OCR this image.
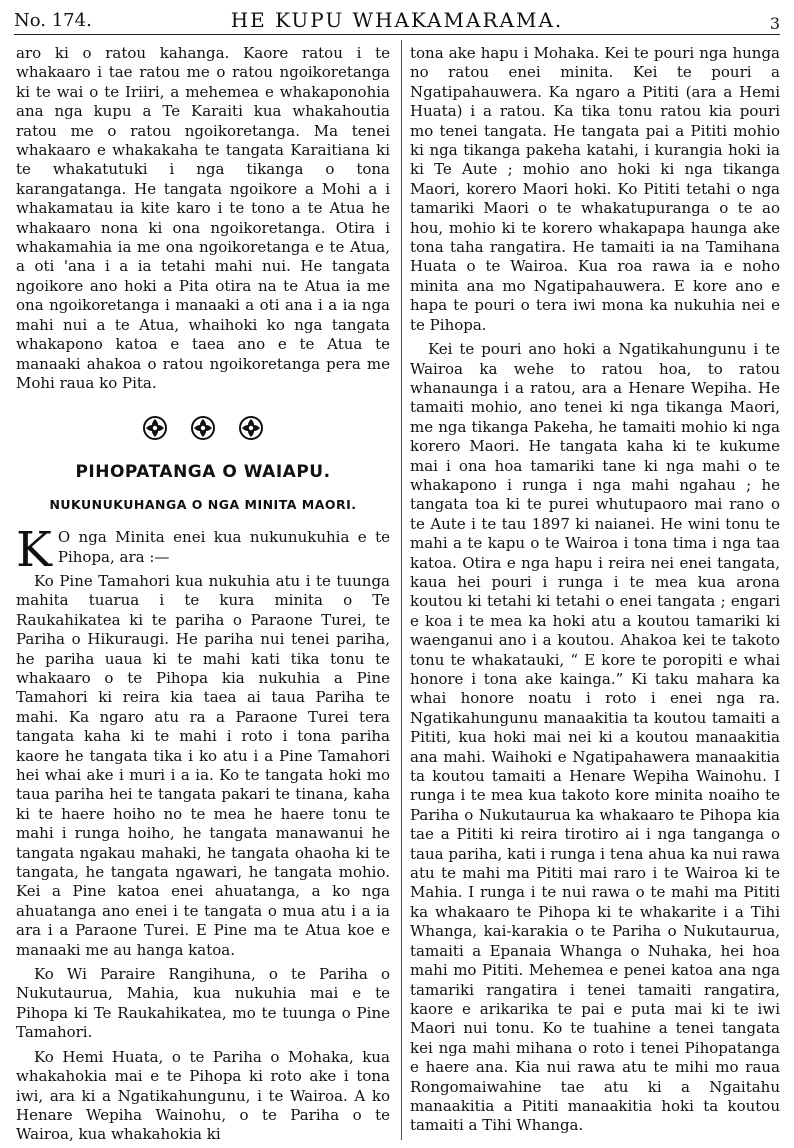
No. 174.	HE KUPU WHAKAMARAMA.	3

aro ki o ratou kahanga. Kaore ratou i te whakaaro i tae ratou me o ratou ngoikoretanga ki te wai o te Iriiri, a mehemea e whakaponohia ana nga kupu a Te Karaiti kua whakahoutia ratou me o ratou ngoikoretanga. Ma tenei whakaaro e whakakaha te tangata Karaitiana ki te whakatutuki i nga tikanga o tona karangatanga. He tangata ngoikore a Mohi a i whakamatau ia kite karo i te tono a te Atua he whakaaro nona ki ona ngoikoretanga. Otira i whakamahia ia me ona ngoikoretanga e te Atua, a oti 'ana i a ia tetahi mahi nui. He tangata ngoikore ano hoki a Pita otira na te Atua ia me ona ngoikoretanga i manaaki a oti ana i a ia nga mahi nui a te Atua, whaihoki ko nga tangata whakapono katoa e taea ano e te Atua te manaaki ahakoa o ratou ngoikoretanga pera me Mohi raua ko Pita.

PIHOPATANGA O WAIAPU.
NUKUNUKUHANGA O NGA MINITA MAORI.

K O nga Minita enei kua nukunukuhia e te Pihopa, ara :—

Ko Pine Tamahori kua nukuhia atu i te tuunga mahita tuarua i te kura minita o Te Raukahikatea ki te pariha o Paraone Turei, te Pariha o Hikuraugi. He pariha nui tenei pariha, he pariha uaua ki te mahi kati tika tonu te whakaaro o te Pihopa kia nukuhia a Pine Tamahori ki reira kia taea ai taua Pariha te mahi. Ka ngaro atu ra a Paraone Turei tera tangata kaha ki te mahi i roto i tona pariha kaore he tangata tika i ko atu i a Pine Tamahori hei whai ake i muri i a ia. Ko te tangata hoki mo taua pariha hei te tangata pakari te tinana, kaha ki te haere hoiho no te mea he haere tonu te mahi i runga hoiho, he tangata manawanui he tangata ngakau mahaki, he tangata ohaoha ki te tangata, he tangata ngawari, he tangata mohio. Kei a Pine katoa enei ahuatanga, a ko nga ahuatanga ano enei i te tangata o mua atu i a ia ara i a Paraone Turei. E Pine ma te Atua koe e manaaki me au hanga katoa.

Ko Wi Paraire Rangihuna, o te Pariha o Nukutaurua, Mahia, kua nukuhia mai e te Pihopa ki Te Raukahikatea, mo te tuunga o Pine Tamahori.

Ko Hemi Huata, o te Pariha o Mohaka, kua whakahokia mai e te Pihopa ki roto ake i tona iwi, ara ki a Ngatikahungunu, i te Wairoa. A ko Henare Wepiha Wainohu, o te Pariha o te Wairoa, kua whakahokia ki

tona ake hapu i Mohaka. Kei te pouri nga hunga no ratou enei minita. Kei te pouri a Ngatipahauwera. Ka ngaro a Pititi (ara a Hemi Huata) i a ratou. Ka tika tonu ratou kia pouri mo tenei tangata. He tangata pai a Pititi mohio ki nga tikanga pakeha katahi, i kurangia hoki ia ki Te Aute ; mohio ano hoki ki nga tikanga Maori, korero Maori hoki. Ko Pititi tetahi o nga tamariki Maori o te whakatupuranga o te ao hou, mohio ki te korero whakapapa haunga ake tona taha rangatira. He tamaiti ia na Tamihana Huata o te Wairoa. Kua roa rawa ia e noho minita ana mo Ngatipahauwera. E kore ano e hapa te pouri o tera iwi mona ka nukuhia nei e te Pihopa.

Kei te pouri ano hoki a Ngatikahungunu i te Wairoa ka wehe to ratou hoa, to ratou whanaunga i a ratou, ara a Henare Wepiha. He tamaiti mohio, ano tenei ki nga tikanga Maori, me nga tikanga Pakeha, he tamaiti mohio ki nga korero Maori. He tangata kaha ki te kukume mai i ona hoa tamariki tane ki nga mahi o te whakapono i runga i nga mahi ngahau ; he tangata toa ki te purei whutupaoro mai rano o te Aute i te tau 1897 ki naianei. He wini tonu te mahi a te kapu o te Wairoa i tona tima i nga taa katoa. Otira e nga hapu i reira nei enei tangata, kaua hei pouri i runga i te mea kua arona koutou ki tetahi ki tetahi o enei tangata ; engari e koa i te mea ka hoki atu a koutou tamariki ki waenganui ano i a koutou. Ahakoa kei te takoto tonu te whakatauki, “ E kore te poropiti e whai honore i tona ake kainga.” Ki taku mahara ka whai honore noatu i roto i enei nga ra. Ngatikahungunu manaakitia ta koutou tamaiti a Pititi, kua hoki mai nei ki a koutou manaakitia ana mahi. Waihoki e Ngatipahawera manaakitia ta koutou tamaiti a Henare Wepiha Wainohu. I runga i te mea kua takoto kore minita noaiho te Pariha o Nukutaurua ka whakaaro te Pihopa kia tae a Pititi ki reira tirotiro ai i nga tanganga o taua pariha, kati i runga i tena ahua ka nui rawa atu te mahi ma Pititi mai raro i te Wairoa ki te Mahia. I runga i te nui rawa o te mahi ma Pititi ka whakaaro te Pihopa ki te whakarite i a Tihi Whanga, kai-karakia o te Pariha o Nukutaurua, tamaiti a Epanaia Whanga o Nuhaka, hei hoa mahi mo Pititi. Mehemea e penei katoa ana nga tamariki rangatira i tenei tamaiti rangatira, kaore e arikarika te pai e puta mai ki te iwi Maori nui tonu. Ko te tuahine a tenei tangata kei nga mahi mihana o roto i tenei Pihopatanga e haere ana. Kia nui rawa atu te mihi mo raua Rongomaiwahine tae atu ki a Ngaitahu manaakitia a Pititi manaakitia hoki ta koutou tamaiti a Tihi Whanga.
